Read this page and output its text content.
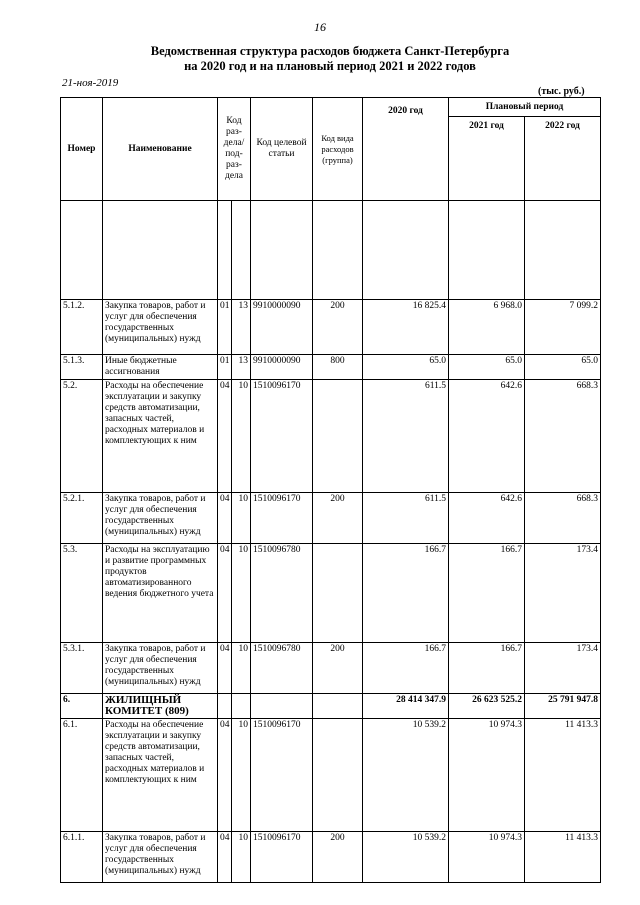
16
Ведомственная структура расходов бюджета Санкт-Петербурга
на 2020 год и на плановый период 2021 и 2022 годов
21-ноя-2019
(тыс. руб.)
Номер	Наименование	Код раз- дела/ под- раз- дела		Код целевой статьи	Код вида расходов (группа)	2020 год	Плановый период	
							2021 год	2022 год

5.1.2.	Закупка товаров, работ и услуг для обеспечения государственных (муниципальных) нужд	01	13	9910000090	200	16 825.4	6 968.0	7 099.2
5.1.3.	Иные бюджетные ассигнования	01	13	9910000090	800	65.0	65.0	65.0
5.2.	Расходы на обеспечение эксплуатации и закупку средств автоматизации, запасных частей, расходных материалов и комплектующих к ним	04	10	1510096170		611.5	642.6	668.3
5.2.1.	Закупка товаров, работ и услуг для обеспечения государственных (муниципальных) нужд	04	10	1510096170	200	611.5	642.6	668.3
5.3.	Расходы на эксплуатацию и развитие программных продуктов автоматизированного ведения бюджетного учета	04	10	1510096780		166.7	166.7	173.4
5.3.1.	Закупка товаров, работ и услуг для обеспечения государственных (муниципальных) нужд	04	10	1510096780	200	166.7	166.7	173.4
6.	ЖИЛИЩНЫЙ КОМИТЕТ (809)					28 414 347.9	26 623 525.2	25 791 947.8
6.1.	Расходы на обеспечение эксплуатации и закупку средств автоматизации, запасных частей, расходных материалов и комплектующих к ним	04	10	1510096170		10 539.2	10 974.3	11 413.3
6.1.1.	Закупка товаров, работ и услуг для обеспечения государственных (муниципальных) нужд	04	10	1510096170	200	10 539.2	10 974.3	11 413.3
